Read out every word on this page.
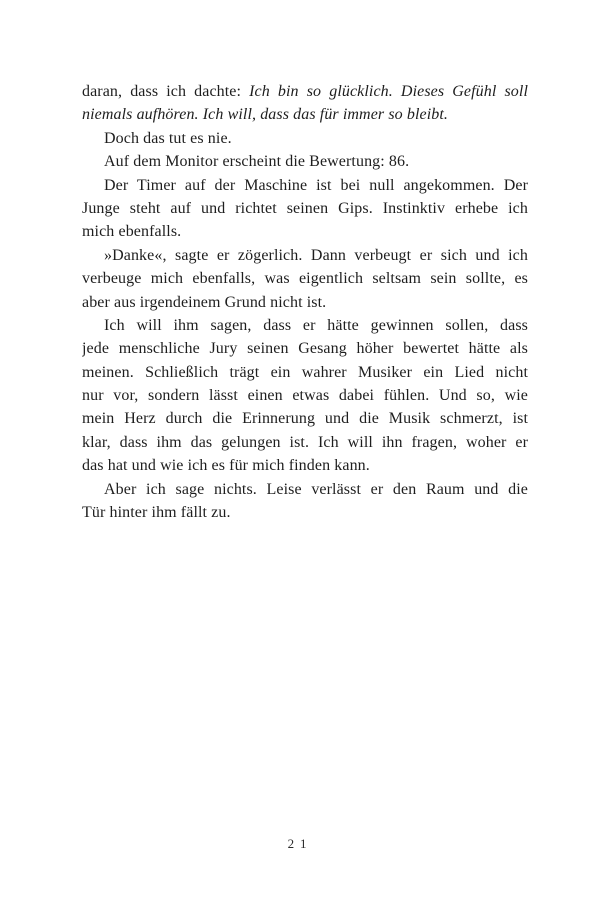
daran, dass ich dachte: Ich bin so glücklich. Dieses Gefühl soll
niemals aufhören. Ich will, dass das für immer so bleibt.
Doch das tut es nie.
Auf dem Monitor erscheint die Bewertung: 86.
Der Timer auf der Maschine ist bei null angekommen. Der
Junge steht auf und richtet seinen Gips. Instinktiv erhebe ich
mich ebenfalls.
»Danke«, sagte er zögerlich. Dann verbeugt er sich und ich
verbeuge mich ebenfalls, was eigentlich seltsam sein sollte, es
aber aus irgendeinem Grund nicht ist.
Ich will ihm sagen, dass er hätte gewinnen sollen, dass
jede menschliche Jury seinen Gesang höher bewertet hätte als
meinen. Schließlich trägt ein wahrer Musiker ein Lied nicht
nur vor, sondern lässt einen etwas dabei fühlen. Und so, wie
mein Herz durch die Erinnerung und die Musik schmerzt, ist
klar, dass ihm das gelungen ist. Ich will ihn fragen, woher er
das hat und wie ich es für mich finden kann.
Aber ich sage nichts. Leise verlässt er den Raum und die
Tür hinter ihm fällt zu.
21
